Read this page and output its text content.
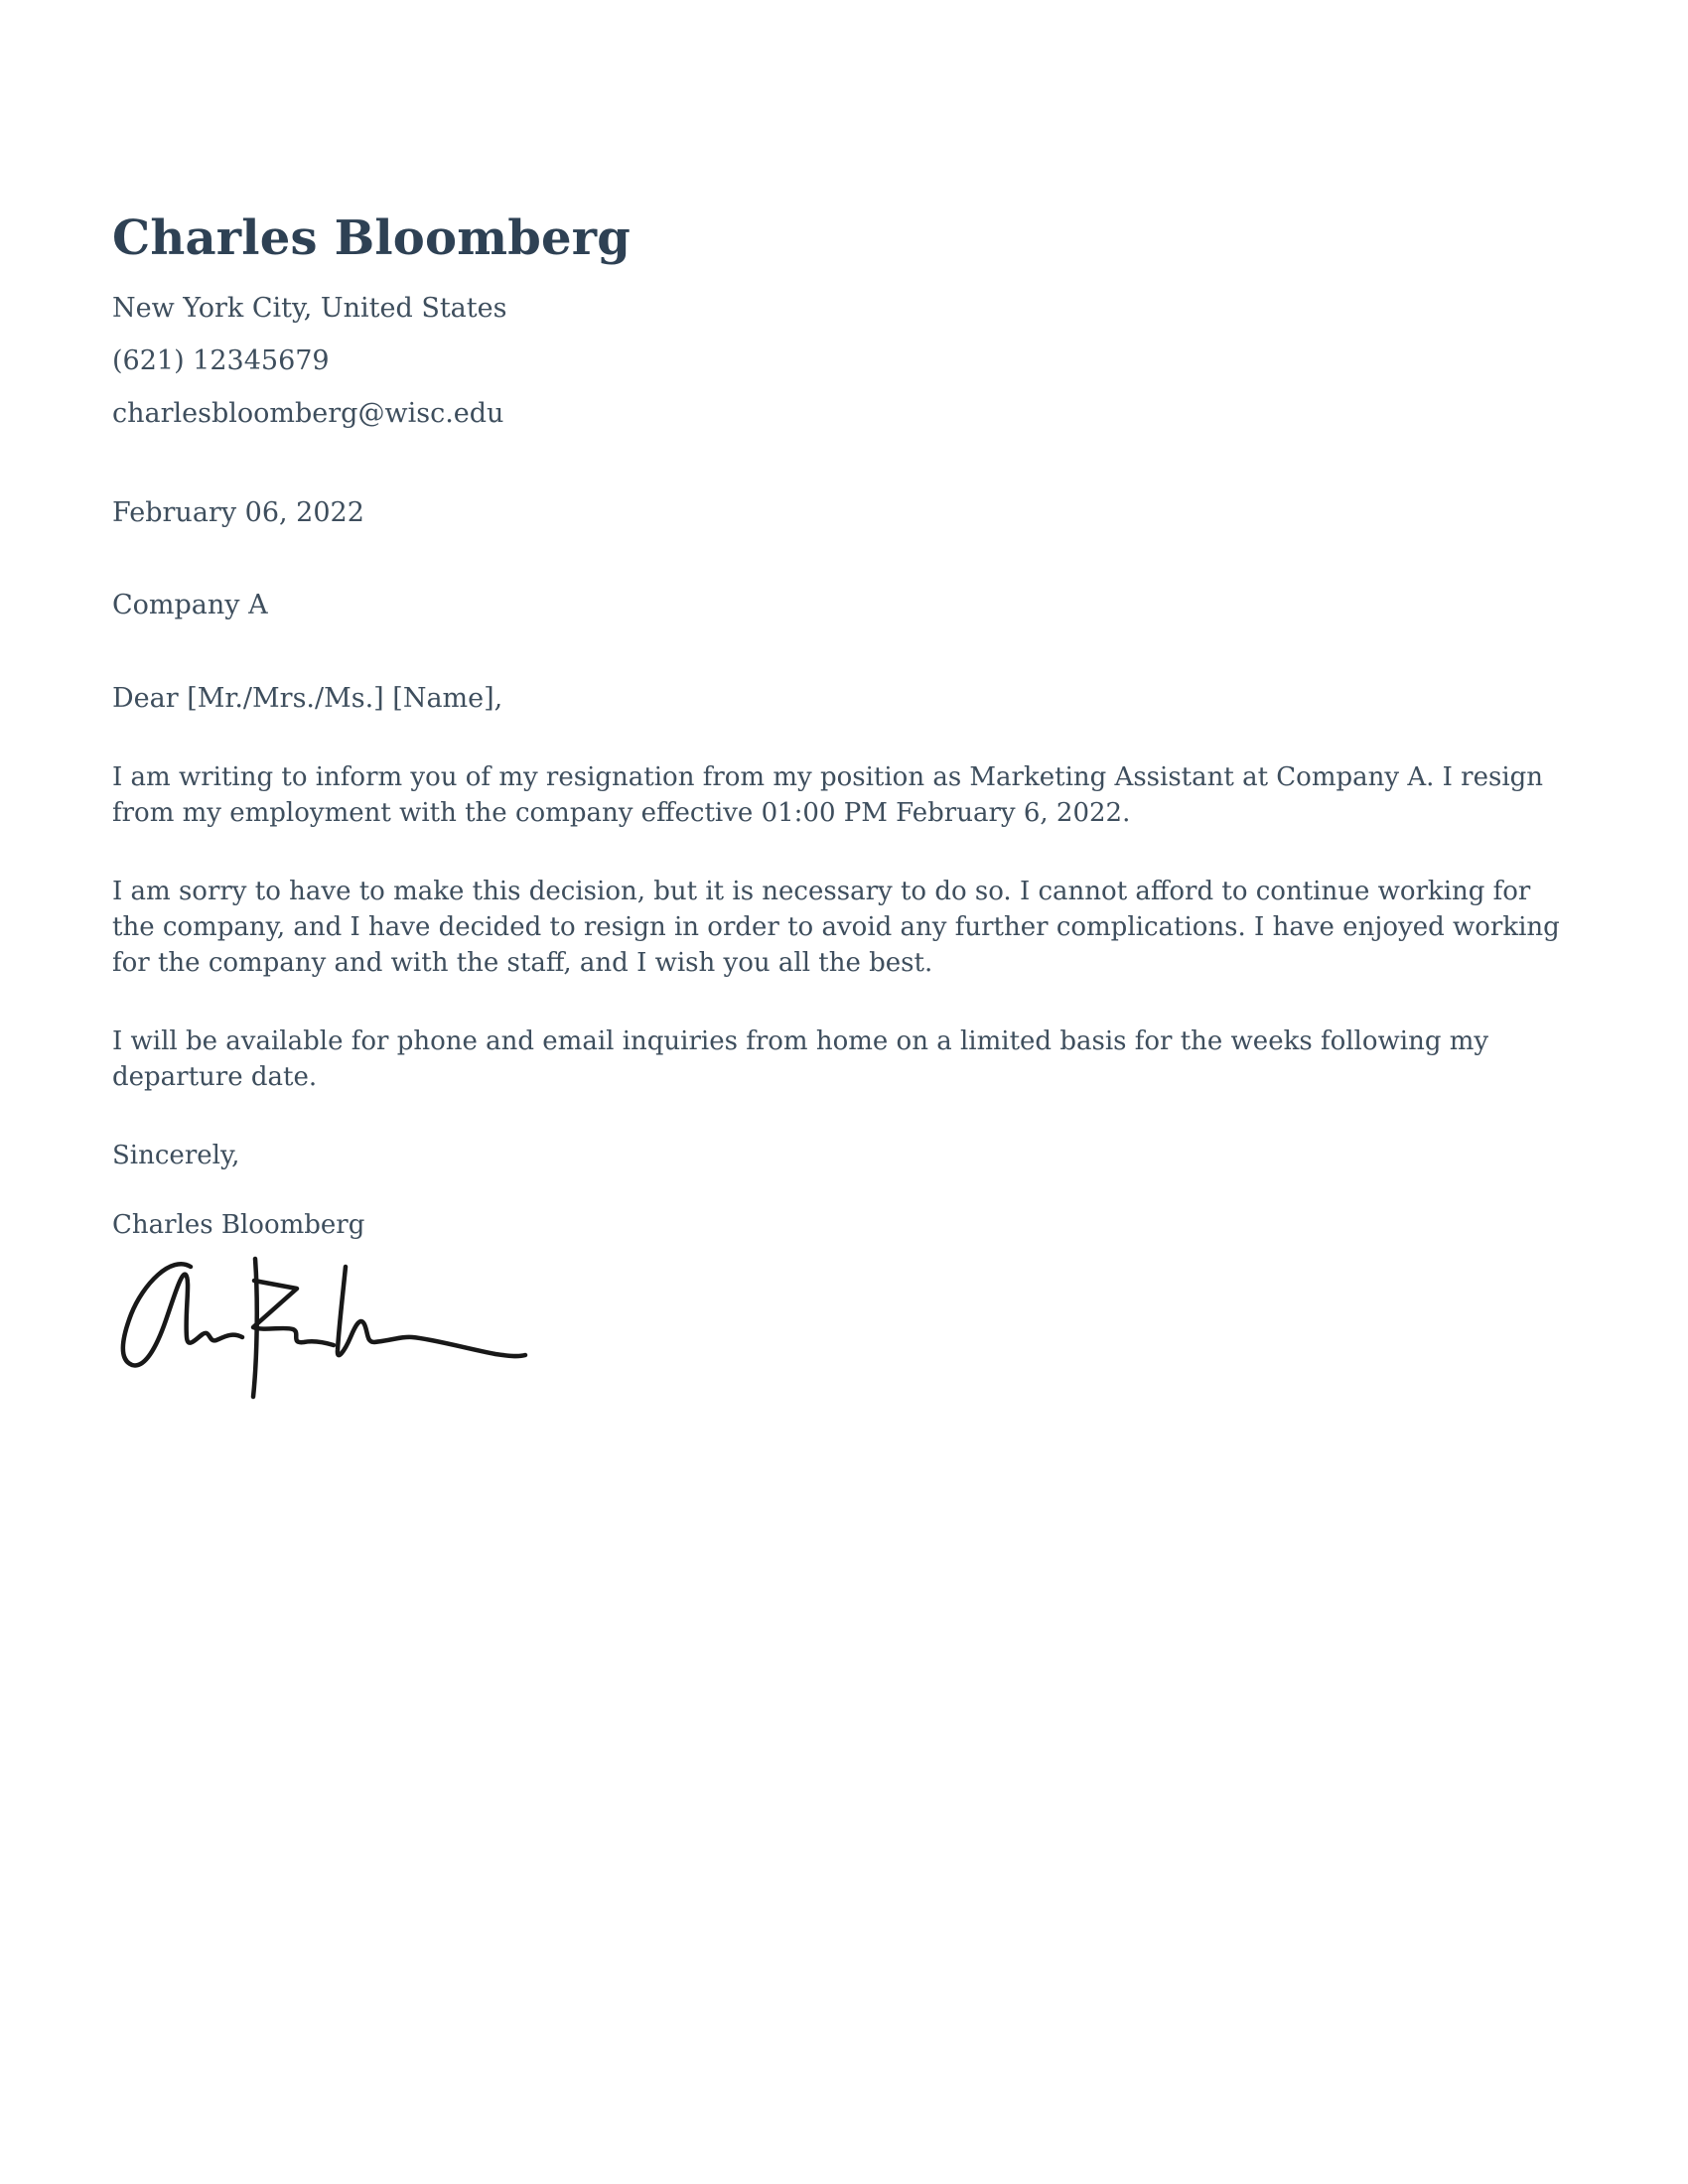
Charles Bloomberg
New York City, United States
(621) 12345679
charlesbloomberg@wisc.edu
February 06, 2022
Company A
Dear [Mr./Mrs./Ms.] [Name],

I am writing to inform you of my resignation from my position as Marketing Assistant at Company A. I resign from my employment with the company effective 01:00 PM February 6, 2022.

I am sorry to have to make this decision, but it is necessary to do so. I cannot afford to continue working for the company, and I have decided to resign in order to avoid any further complications. I have enjoyed working for the company and with the staff, and I wish you all the best.

I will be available for phone and email inquiries from home on a limited basis for the weeks following my departure date.

Sincerely,
Charles Bloomberg
